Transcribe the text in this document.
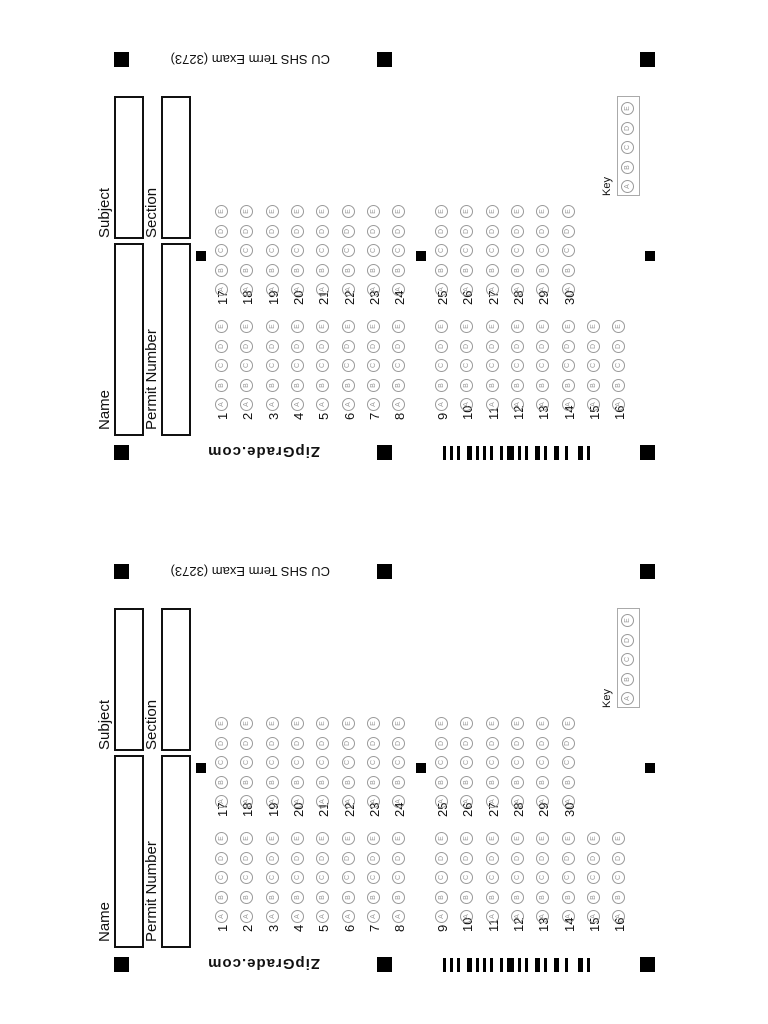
Name
Subject
Permit Number
Section
ZipGrade.com
CU SHS Term Exam (3273)
1
A
B
C
D
E
2
A
B
C
D
E
3
A
B
C
D
E
4
A
B
C
D
E
5
A
B
C
D
E
6
A
B
C
D
E
7
A
B
C
D
E
8
A
B
C
D
E
9
A
B
C
D
E
10
A
B
C
D
E
11
A
B
C
D
E
12
A
B
C
D
E
13
A
B
C
D
E
14
A
B
C
D
E
15
A
B
C
D
E
16
A
B
C
D
E
17
A
B
C
D
E
18
A
B
C
D
E
19
A
B
C
D
E
20
A
B
C
D
E
21
A
B
C
D
E
22
A
B
C
D
E
23
A
B
C
D
E
24
A
B
C
D
E
25
A
B
C
D
E
26
A
B
C
D
E
27
A
B
C
D
E
28
A
B
C
D
E
29
A
B
C
D
E
30
A
B
C
D
E
Key	A
B
C
D
E
Name
Subject
Permit Number
Section
ZipGrade.com
CU SHS Term Exam (3273)
1
A
B
C
D
E
2
A
B
C
D
E
3
A
B
C
D
E
4
A
B
C
D
E
5
A
B
C
D
E
6
A
B
C
D
E
7
A
B
C
D
E
8
A
B
C
D
E
9
A
B
C
D
E
10
A
B
C
D
E
11
A
B
C
D
E
12
A
B
C
D
E
13
A
B
C
D
E
14
A
B
C
D
E
15
A
B
C
D
E
16
A
B
C
D
E
17
A
B
C
D
E
18
A
B
C
D
E
19
A
B
C
D
E
20
A
B
C
D
E
21
A
B
C
D
E
22
A
B
C
D
E
23
A
B
C
D
E
24
A
B
C
D
E
25
A
B
C
D
E
26
A
B
C
D
E
27
A
B
C
D
E
28
A
B
C
D
E
29
A
B
C
D
E
30
A
B
C
D
E
Key	A
B
C
D
E
